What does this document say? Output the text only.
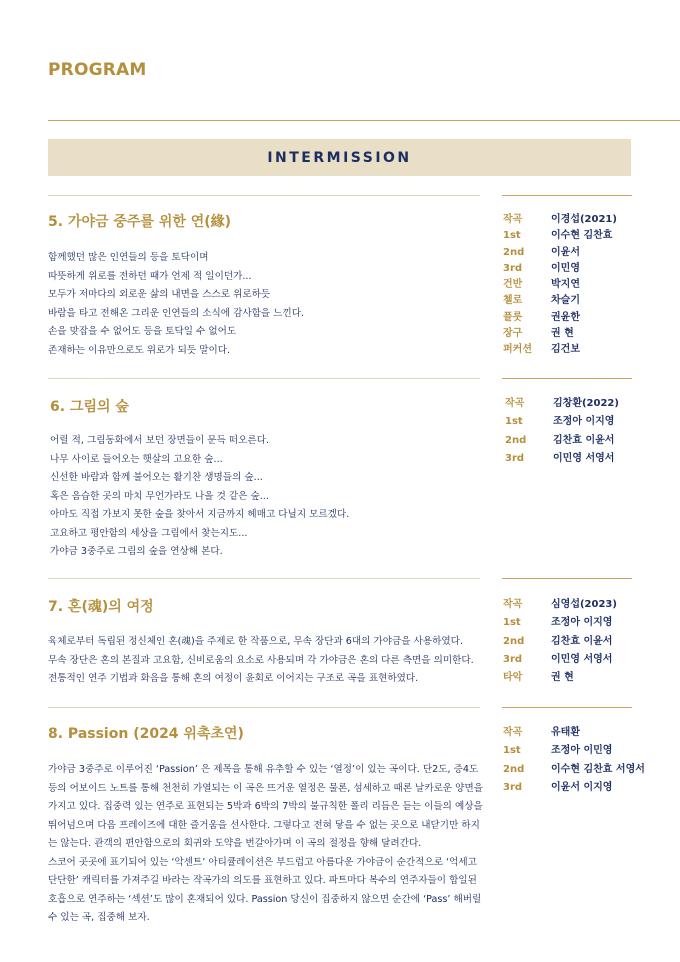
PROGRAM
INTERMISSION
5. 가야금 중주를 위한 연(緣)

함께했던 많은 인연들의 등을 토닥이며

따뜻하게 위로를 전하던 때가 언제 적 일이던가...

모두가 저마다의 외로운 삶의 내면을 스스로 위로하듯

바람을 타고 전해온 그리운 인연들의 소식에 감사함을 느낀다.

손을 맞잡을 수 없어도 등을 토닥일 수 없어도

존재하는 이유만으로도 위로가 되듯 말이다.

작곡	이경섭(2021)
1st	이수현 김찬효
2nd	이윤서
3rd	이민영
건반	박지연
첼로	차슬기
플룻	권윤한
장구	권 현
퍼커션	김건보
6. 그림의 숲

어릴 적, 그림동화에서 보던 장면들이 문득 떠오른다.

나무 사이로 들어오는 햇살의 고요한 숲...

신선한 바람과 함께 불어오는 활기찬 생명들의 숲...

혹은 음습한 곳의 마치 무언가라도 나올 것 같은 숲...

아마도 직접 가보지 못한 숲을 찾아서 지금까지 헤매고 다닐지 모르겠다.

고요하고 평안함의 세상을 그림에서 찾는지도...

가야금 3중주로 그림의 숲을 연상해 본다.

작곡	김창환(2022)
1st	조정아 이지영
2nd	김찬효 이윤서
3rd	이민영 서영서
7. 혼(魂)의 여정

육체로부터 독립된 정신체인 혼(魂)을 주제로 한 작품으로, 무속 장단과 6대의 가야금을 사용하였다.

무속 장단은 혼의 본질과 고요함, 신비로움의 요소로 사용되며 각 가야금은 혼의 다른 측면을 의미한다.

전통적인 연주 기법과 화음을 통해 혼의 여정이 윤회로 이어지는 구조로 곡을 표현하였다.

작곡	심영섭(2023)
1st	조정아 이지영
2nd	김찬효 이윤서
3rd	이민영 서영서
타악	권 현
8. Passion (2024 위촉초연)

가야금 3중주로 이루어진 ‘Passion’ 은 제목을 통해 유추할 수 있는 ‘열정’이 있는 곡이다. 단2도, 증4도 등의 어보이드 노트를 통해 천천히 가열되는 이 곡은 뜨거운 열정은 물론, 섬세하고 때론 날카로운 양면을 가지고 있다. 집중력 있는 연주로 표현되는 5박과 6박의 7박의 불규칙한 폴리 리듬은 듣는 이들의 예상을 뛰어넘으며 다음 프레이즈에 대한 즐거움을 선사한다. 그렇다고 전혀 닿을 수 없는 곳으로 내닫기만 하지는 않는다. 관객의 편안함으로의 회귀와 도약을 번갈아가며 이 곡의 절정을 향해 달려간다.

스코어 곳곳에 표기되어 있는 ‘악센트’ 아티큘레이션은 부드럽고 아름다운 가야금이 순간적으로 ‘억세고 단단한’ 캐릭터를 가져주길 바라는 작곡가의 의도를 표현하고 있다. 파트마다 복수의 연주자들이 합일된 호흡으로 연주하는 ‘섹션’도 많이 혼재되어 있다. Passion 당신이 집중하지 않으면 순간에 ‘Pass’ 해버릴 수 있는 곡, 집중해 보자.

작곡	유태환
1st	조정아 이민영
2nd	이수현 김찬효 서영서
3rd	이윤서 이지영
